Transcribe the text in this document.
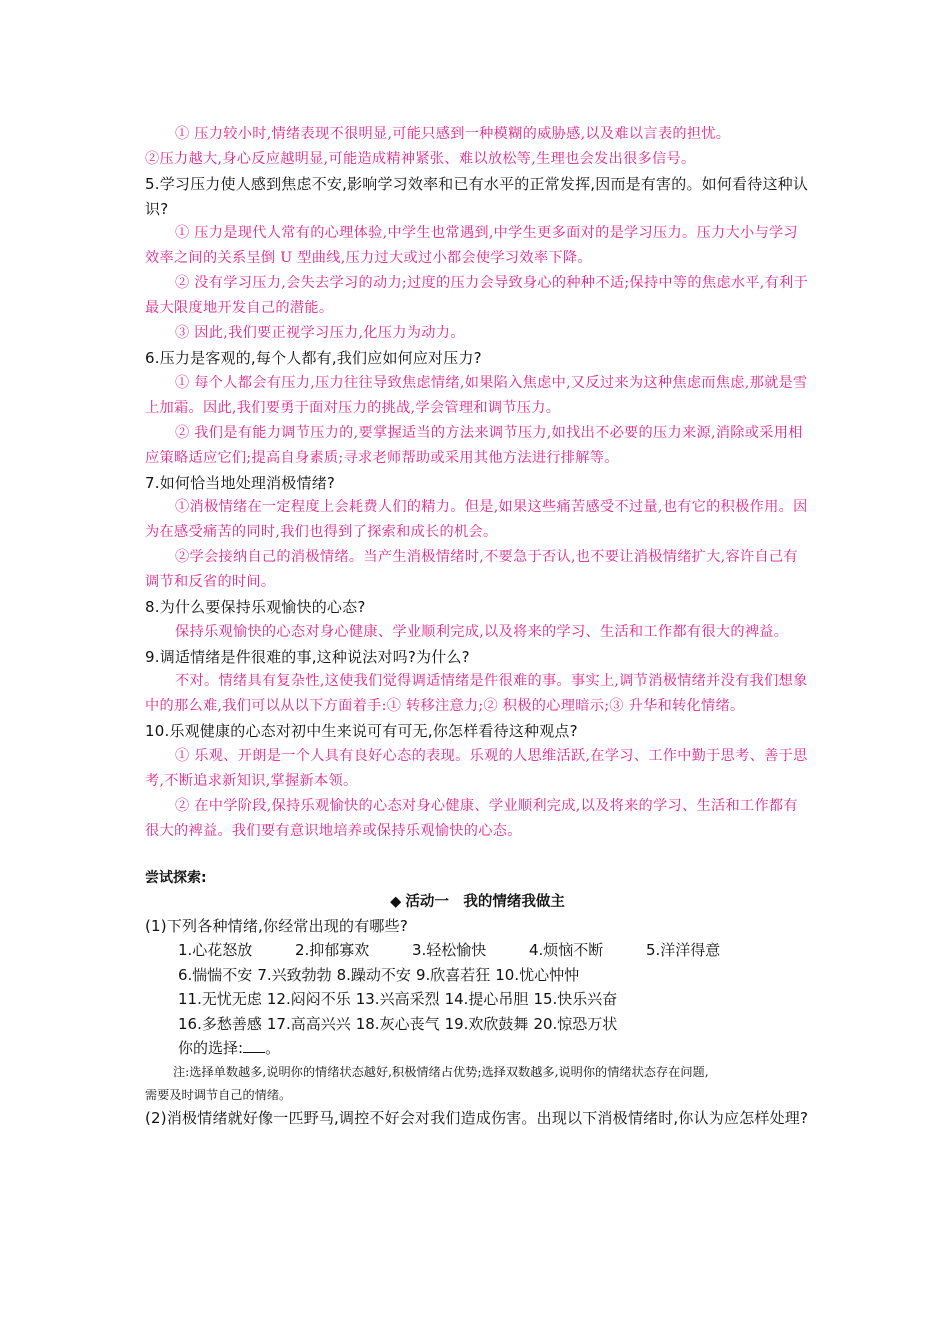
① 压力较小时,情绪表现不很明显,可能只感到一种模糊的威胁感,以及难以言表的担忧。

②压力越大,身心反应越明显,可能造成精神紧张、难以放松等,生理也会发出很多信号。

5.学习压力使人感到焦虑不安,影响学习效率和已有水平的正常发挥,因而是有害的。如何看待这种认识?

① 压力是现代人常有的心理体验,中学生也常遇到,中学生更多面对的是学习压力。压力大小与学习效率之间的关系呈倒 U 型曲线,压力过大或过小都会使学习效率下降。

② 没有学习压力,会失去学习的动力;过度的压力会导致身心的种种不适;保持中等的焦虑水平,有利于最大限度地开发自己的潜能。

③ 因此,我们要正视学习压力,化压力为动力。

6.压力是客观的,每个人都有,我们应如何应对压力?

① 每个人都会有压力,压力往往导致焦虑情绪,如果陷入焦虑中,又反过来为这种焦虑而焦虑,那就是雪上加霜。因此,我们要勇于面对压力的挑战,学会管理和调节压力。

② 我们是有能力调节压力的,要掌握适当的方法来调节压力,如找出不必要的压力来源,消除或采用相应策略适应它们;提高自身素质;寻求老师帮助或采用其他方法进行排解等。

7.如何恰当地处理消极情绪?

①消极情绪在一定程度上会耗费人们的精力。但是,如果这些痛苦感受不过量,也有它的积极作用。因为在感受痛苦的同时,我们也得到了探索和成长的机会。

②学会接纳自己的消极情绪。当产生消极情绪时,不要急于否认,也不要让消极情绪扩大,容许自己有调节和反省的时间。

8.为什么要保持乐观愉快的心态?

保持乐观愉快的心态对身心健康、学业顺利完成,以及将来的学习、生活和工作都有很大的裨益。

9.调适情绪是件很难的事,这种说法对吗?为什么?

不对。情绪具有复杂性,这使我们觉得调适情绪是件很难的事。事实上,调节消极情绪并没有我们想象中的那么难,我们可以从以下方面着手:① 转移注意力;② 积极的心理暗示;③ 升华和转化情绪。

10.乐观健康的心态对初中生来说可有可无,你怎样看待这种观点?

① 乐观、开朗是一个人具有良好心态的表现。乐观的人思维活跃,在学习、工作中勤于思考、善于思考,不断追求新知识,掌握新本领。

② 在中学阶段,保持乐观愉快的心态对身心健康、学业顺利完成,以及将来的学习、生活和工作都有很大的裨益。我们要有意识地培养或保持乐观愉快的心态。

尝试探索:

◆ 活动一　我的情绪我做主

(1)下列各种情绪,你经常出现的有哪些?

1.心花怒放	2.抑郁寡欢	3.轻松愉快	4.烦恼不断	5.洋洋得意
6.惴惴不安 7.兴致勃勃 8.躁动不安 9.欣喜若狂 10.忧心忡忡
11.无忧无虑 12.闷闷不乐 13.兴高采烈 14.提心吊胆 15.快乐兴奋
16.多愁善感 17.高高兴兴 18.灰心丧气 19.欢欣鼓舞 20.惊恐万状

你的选择: 。

注:选择单数越多,说明你的情绪状态越好,积极情绪占优势;选择双数越多,说明你的情绪状态存在问题,

需要及时调节自己的情绪。

(2)消极情绪就好像一匹野马,调控不好会对我们造成伤害。出现以下消极情绪时,你认为应怎样处理?
